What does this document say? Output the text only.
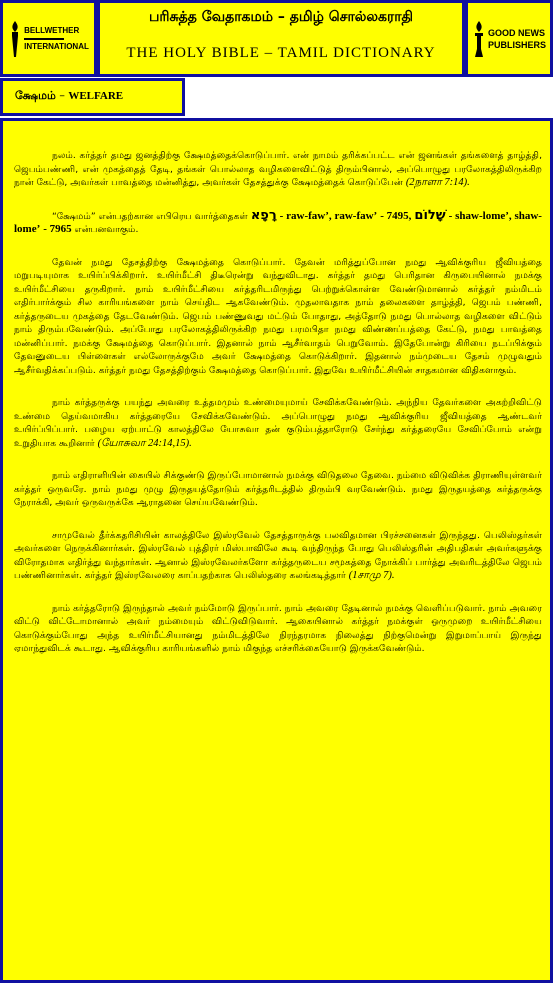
BELLWETHER
INTERNATIONAL
பரிசுத்த வேதாகமம் – தமிழ் சொல்லகராதி
THE HOLY BIBLE – TAMIL DICTIONARY
GOOD NEWS
PUBLISHERS
க்ஷேமம் – WELFARE

நலம். கர்த்தர் தமது ஜனத்திற்கு க்ஷேமத்தைக்கொடுப்பார். என் நாமம் தரிக்கப்பட்ட என் ஜனங்கள் தங்களைத் தாழ்த்தி, ஜெபம்பண்ணி, என் முகத்தைத் தேடி, தங்கள் பொல்லாத வழிகளைவிட்டுத் திரும்பினால், அப்பொழுது பரலோகத்திலிருக்கிற நான் கேட்டு, அவர்கள் பாவத்தை மன்னித்து, அவர்கள் தேசத்துக்கு க்ஷேமத்தைக் கொடுப்பேன் (2நாளா 7:14).

“க்ஷேமம்” என்பதற்கான எபிரெய வார்த்தைகள் רָפָא - raw-faw’, raw-faw’ - 7495, שָׁלוֹם - shaw-lome’, shaw-lome’ - 7965 என்பனவாகும்.

தேவன் நமது தேசத்திற்கு க்ஷேமத்தை கொடுப்பார். தேவன் மரித்துப்போன நமது ஆவிக்குரிய ஜீவியத்தை மறுபடியுமாக உயிர்ப்பிக்கிறார். உயிர்மீட்சி திடீரென்று வந்துவிடாது. கர்த்தர் தமது பெரிதான கிருபையினால் நமக்கு உயிர்மீட்சியை தருகிறார். நாம் உயிர்மீட்சியை கர்த்தரிடமிருந்து பெற்றுக்கொள்ள வேண்டுமானால் கர்த்தர் நம்மிடம் எதிர்பார்க்கும் சில காரியங்களை நாம் செய்திட ஆகவேண்டும். முதலாவதாக நாம் தலைகளை தாழ்த்தி, ஜெபம் பண்ணி, கர்த்தருடைய முகத்தை தேடவேண்டும். ஜெபம் பண்ணுவது மட்டும் போதாது, அத்தோடு நமது பொல்லாத வழிகளை விட்டும் நாம் திரும்பவேண்டும். அப்போது பரலோகத்திலிருக்கிற நமது பரமபிதா நமது விண்ணப்பத்தை கேட்டு, நமது பாவத்தை மன்னிப்பார். நமக்கு க்ஷேமத்தை கொடுப்பார். இதனால் நாம் ஆசீர்வாதம் பெறுவோம். இதேபோன்று கிரியை நடப்பிக்கும் தேவனுடைய பிள்ளைகள் எல்லோருக்குமே அவர் க்ஷேமத்தை கொடுக்கிறார். இதனால் நம்முடைய தேசம் முழுவதும் ஆசீர்வதிக்கப்படும். கர்த்தர் நமது தேசத்திற்கும் க்ஷேமத்தை கொடுப்பார். இதுவே உயிர்மீட்சியின் சாதகமான விதிகளாகும்.

நாம் கர்த்தருக்கு பயந்து அவரை உத்தமமும் உண்மையுமாய் சேவிக்கவேண்டும். அந்நிய தேவர்களை அகற்றிவிட்டு உண்மை தெய்வமாகிய கர்த்தரையே சேவிக்கவேண்டும். அப்பொழுது நமது ஆவிக்குரிய ஜீவியத்தை ஆண்டவர் உயிர்ப்பிப்பார். பழைய ஏற்பாட்டு காலத்திலே யோசுவா தன் குடும்பத்தாரோடு சேர்ந்து கர்த்தரையே சேவிப்போம் என்று உறுதியாக கூறினார் (யோசுவா 24:14,15).

நாம் எதிராளியின் கையில் சிக்குண்டு இருப்போமானால் நமக்கு விடுதலை தேவை. நம்மை விடுவிக்க திராணியுள்ளவர் கர்த்தர் ஒருவரே. நாம் நமது முழு இருதயத்தோடும் கர்த்தரிடத்தில் திரும்பி வரவேண்டும். நமது இருதயத்தை கர்த்தருக்கு நேராக்கி, அவர் ஒருவருக்கே ஆராதனை செய்யவேண்டும்.

சாமுவேல் தீர்க்கதரிசியின் காலத்திலே இஸ்ரவேல் தேசத்தாருக்கு பலவிதமான பிரச்சனைகள் இருந்தது. பெலிஸ்தர்கள் அவர்களை நெருக்கினார்கள். இஸ்ரவேல் புத்திரர் மிஸ்பாவிலே கூடி வந்திருந்த போது பெலிஸ்தரின் அதிபதிகள் அவர்களுக்கு விரோதமாக எதிர்த்து வந்தார்கள். ஆனால் இஸ்ரவேலர்களோ கர்த்தருடைய சமூகத்தை நோக்கிப் பார்த்து அவரிடத்திலே ஜெபம் பண்ணினார்கள். கர்த்தர் இஸ்ரவேலரை காப்பதற்காக பெலிஸ்தரை கலங்கடித்தார் (1சாமு 7).

நாம் கர்த்தரோடு இருந்தால் அவர் நம்மோடு இருப்பார். நாம் அவரை தேடினால் நமக்கு வெளிப்படுவார். நாம் அவரை விட்டு விட்டோமானால் அவர் நம்மையும் விட்டுவிடுவார். ஆகையினால் கர்த்தர் நமக்குள் ஒருமுறை உயிர்மீட்சியை கொடுக்கும்போது அந்த உயிர்மீட்சியானது நம்மிடத்திலே நிரந்தரமாக நிலைத்து நிற்குமென்று இறுமாப்பாய் இருந்து ஏமாந்துவிடக் கூடாது. ஆவிக்குரிய காரியங்களில் நாம் மிகுந்த எச்சரிக்கையோடு இருக்கவேண்டும்.
